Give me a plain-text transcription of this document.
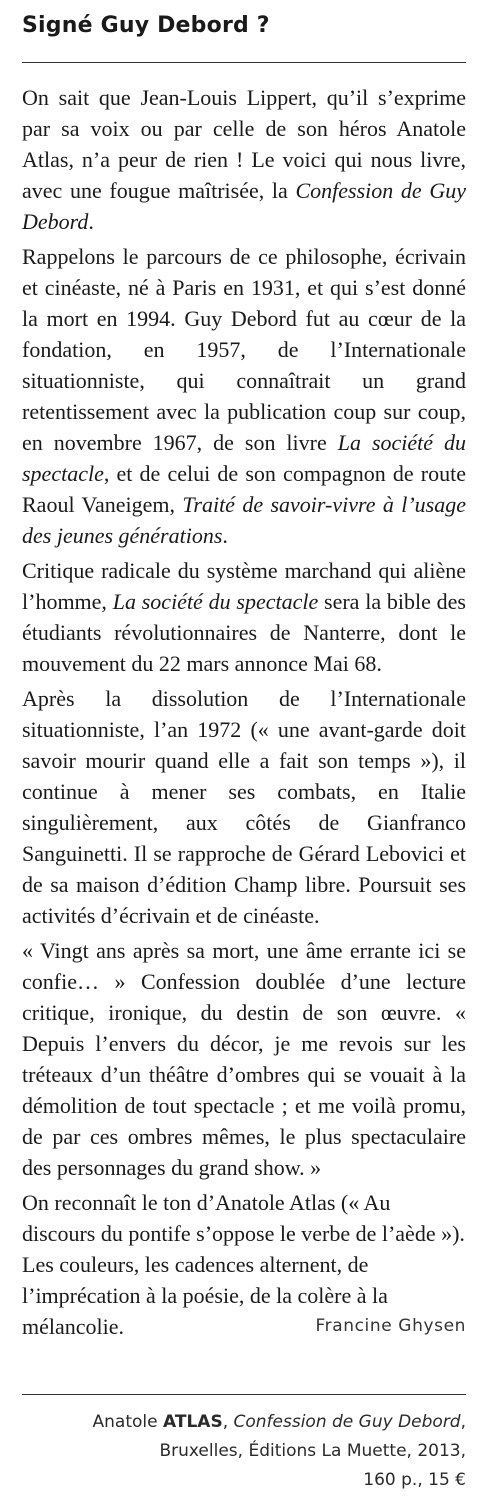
Signé Guy Debord ?

On sait que Jean-Louis Lippert, qu’il s’exprime par sa voix ou par celle de son héros Anatole Atlas, n’a peur de rien ! Le voici qui nous livre, avec une fougue maîtrisée, la Confession de Guy Debord.

Rappelons le parcours de ce philosophe, écrivain et cinéaste, né à Paris en 1931, et qui s’est donné la mort en 1994. Guy Debord fut au cœur de la fondation, en 1957, de l’Internationale situationniste, qui connaîtrait un grand retentissement avec la publication coup sur coup, en novembre 1967, de son livre La société du spectacle, et de celui de son compagnon de route Raoul Vaneigem, Traité de savoir-vivre à l’usage des jeunes générations.

Critique radicale du système marchand qui aliène l’homme, La société du spectacle sera la bible des étudiants révolutionnaires de Nanterre, dont le mouvement du 22 mars annonce Mai 68.

Après la dissolution de l’Internationale situationniste, l’an 1972 (« une avant-garde doit savoir mourir quand elle a fait son temps »), il continue à mener ses combats, en Italie singulièrement, aux côtés de Gianfranco Sanguinetti. Il se rapproche de Gérard Lebovici et de sa maison d’édition Champ libre. Poursuit ses activités d’écrivain et de cinéaste.

« Vingt ans après sa mort, une âme errante ici se confie… » Confession doublée d’une lecture critique, ironique, du destin de son œuvre. « Depuis l’envers du décor, je me revois sur les tréteaux d’un théâtre d’ombres qui se vouait à la démolition de tout spectacle ; et me voilà promu, de par ces ombres mêmes, le plus spectaculaire des personnages du grand show. »

On reconnaît le ton d’Anatole Atlas (« Au discours du pontife s’oppose le verbe de l’aède »). Les couleurs, les cadences alternent, de l’imprécation à la poésie, de la colère à la mélancolie.	Francine Ghysen

Anatole ATLAS, Confession de Guy Debord,
Bruxelles, Éditions La Muette, 2013,
160 p., 15 €
